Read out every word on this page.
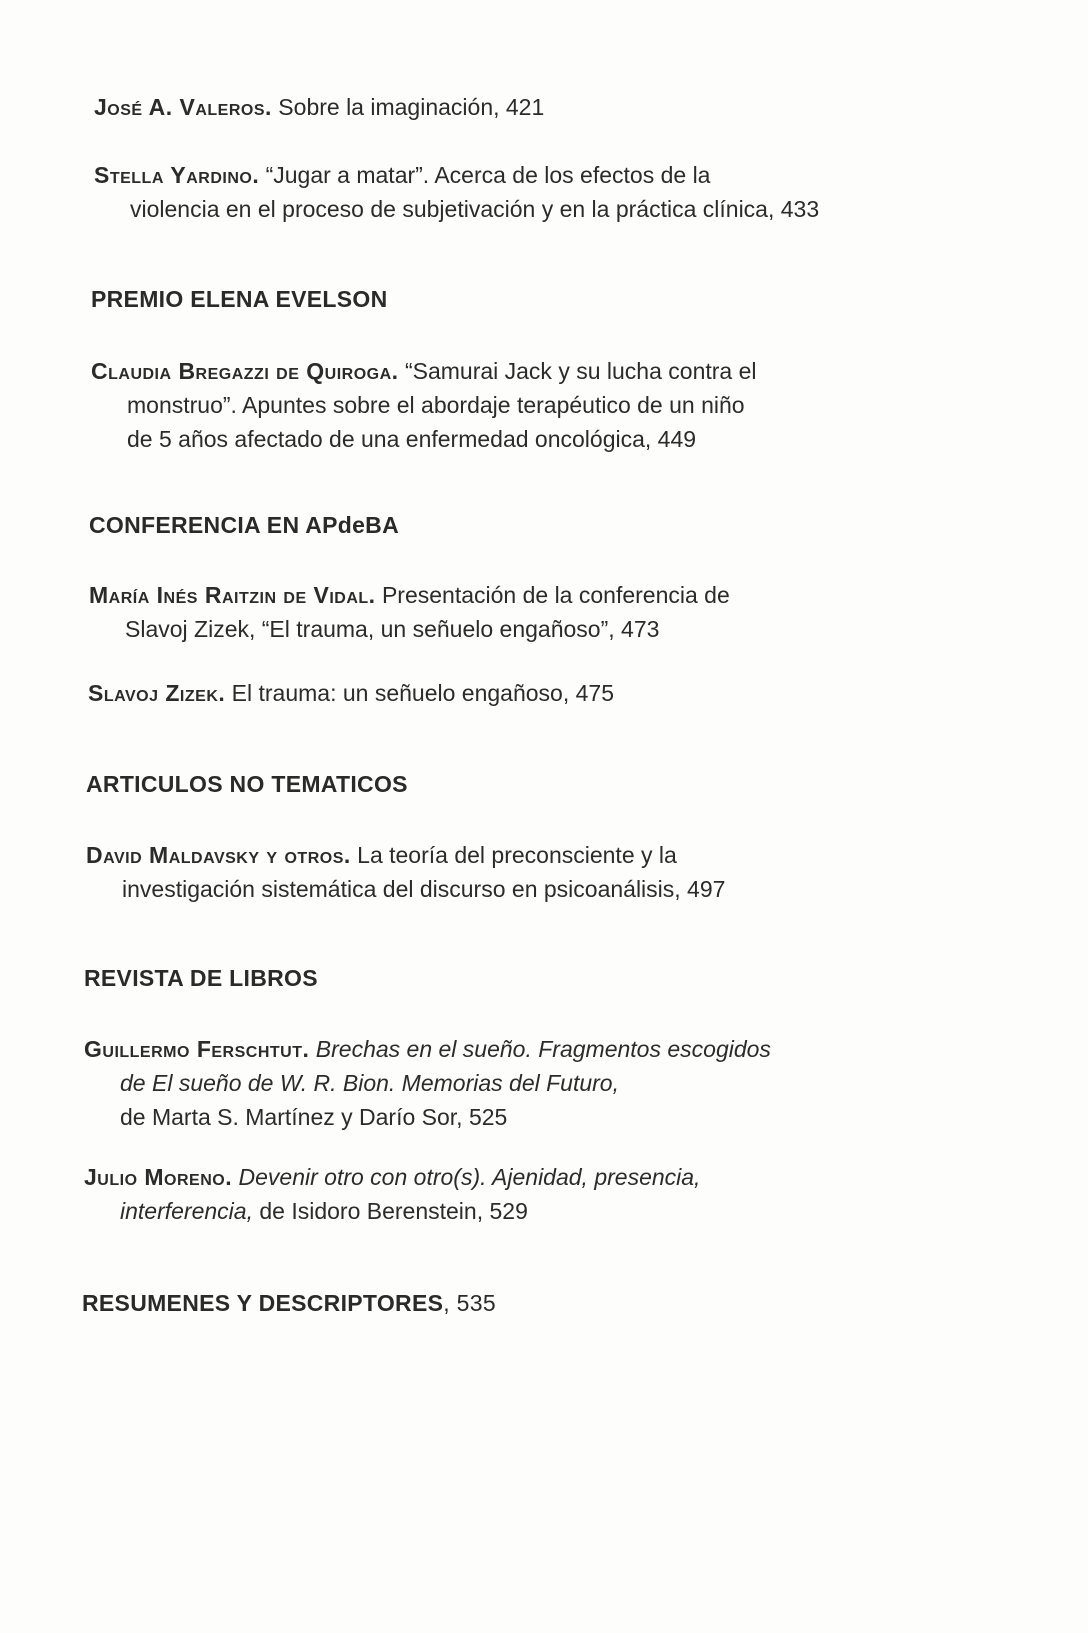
José A. Valeros. Sobre la imaginación, 421
Stella Yardino. “Jugar a matar”. Acerca de los efectos de la
violencia en el proceso de subjetivación y en la práctica clínica, 433
PREMIO ELENA EVELSON
Claudia Bregazzi de Quiroga. “Samurai Jack y su lucha contra el
monstruo”. Apuntes sobre el abordaje terapéutico de un niño
de 5 años afectado de una enfermedad oncológica, 449
CONFERENCIA EN APdeBA
María Inés Raitzin de Vidal. Presentación de la conferencia de
Slavoj Zizek, “El trauma, un señuelo engañoso”, 473
Slavoj Zizek. El trauma: un señuelo engañoso, 475
ARTICULOS NO TEMATICOS
David Maldavsky y otros. La teoría del preconsciente y la
investigación sistemática del discurso en psicoanálisis, 497
REVISTA DE LIBROS
Guillermo Ferschtut. Brechas en el sueño. Fragmentos escogidos
de El sueño de W. R. Bion. Memorias del Futuro,
de Marta S. Martínez y Darío Sor, 525
Julio Moreno. Devenir otro con otro(s). Ajenidad, presencia,
interferencia, de Isidoro Berenstein, 529
RESUMENES Y DESCRIPTORES, 535
